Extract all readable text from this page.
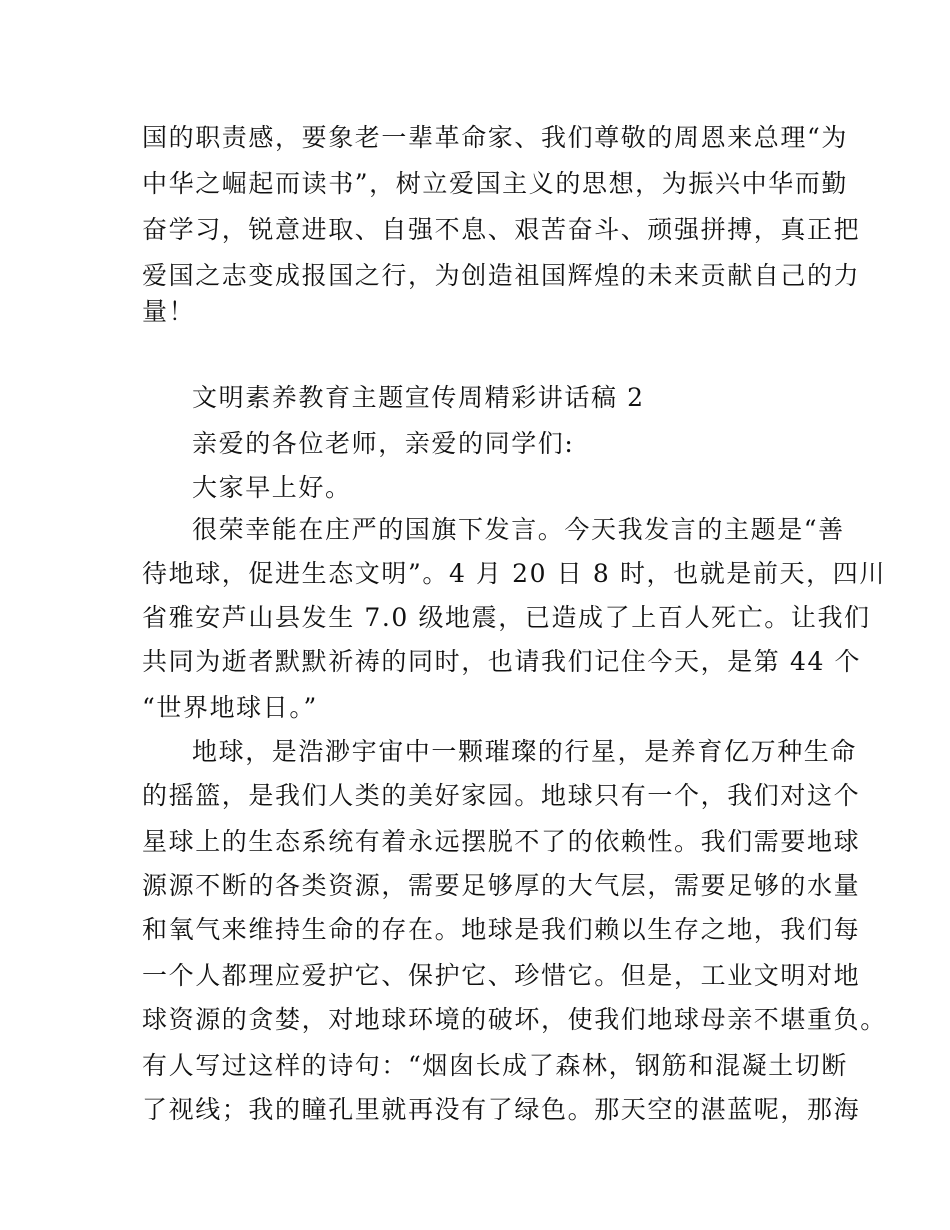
国的职责感，要象老一辈革命家、我们尊敬的周恩来总理“为
中华之崛起而读书”，树立爱国主义的思想，为振兴中华而勤
奋学习，锐意进取、自强不息、艰苦奋斗、顽强拼搏，真正把
爱国之志变成报国之行，为创造祖国辉煌的未来贡献自己的力
量！
文明素养教育主题宣传周精彩讲话稿 2
亲爱的各位老师，亲爱的同学们:
大家早上好。
很荣幸能在庄严的国旗下发言。今天我发言的主题是“善
待地球，促进生态文明”。4 月 20 日 8 时，也就是前天，四川
省雅安芦山县发生 7.0 级地震，已造成了上百人死亡。让我们
共同为逝者默默祈祷的同时，也请我们记住今天，是第 44 个
“世界地球日。”
地球，是浩渺宇宙中一颗璀璨的行星，是养育亿万种生命
的摇篮，是我们人类的美好家园。地球只有一个，我们对这个
星球上的生态系统有着永远摆脱不了的依赖性。我们需要地球
源源不断的各类资源，需要足够厚的大气层，需要足够的水量
和氧气来维持生命的存在。地球是我们赖以生存之地，我们每
一个人都理应爱护它、保护它、珍惜它。但是，工业文明对地
球资源的贪婪，对地球环境的破坏，使我们地球母亲不堪重负。
有人写过这样的诗句：“烟囱长成了森林，钢筋和混凝土切断
了视线；我的瞳孔里就再没有了绿色。那天空的湛蓝呢，那海
